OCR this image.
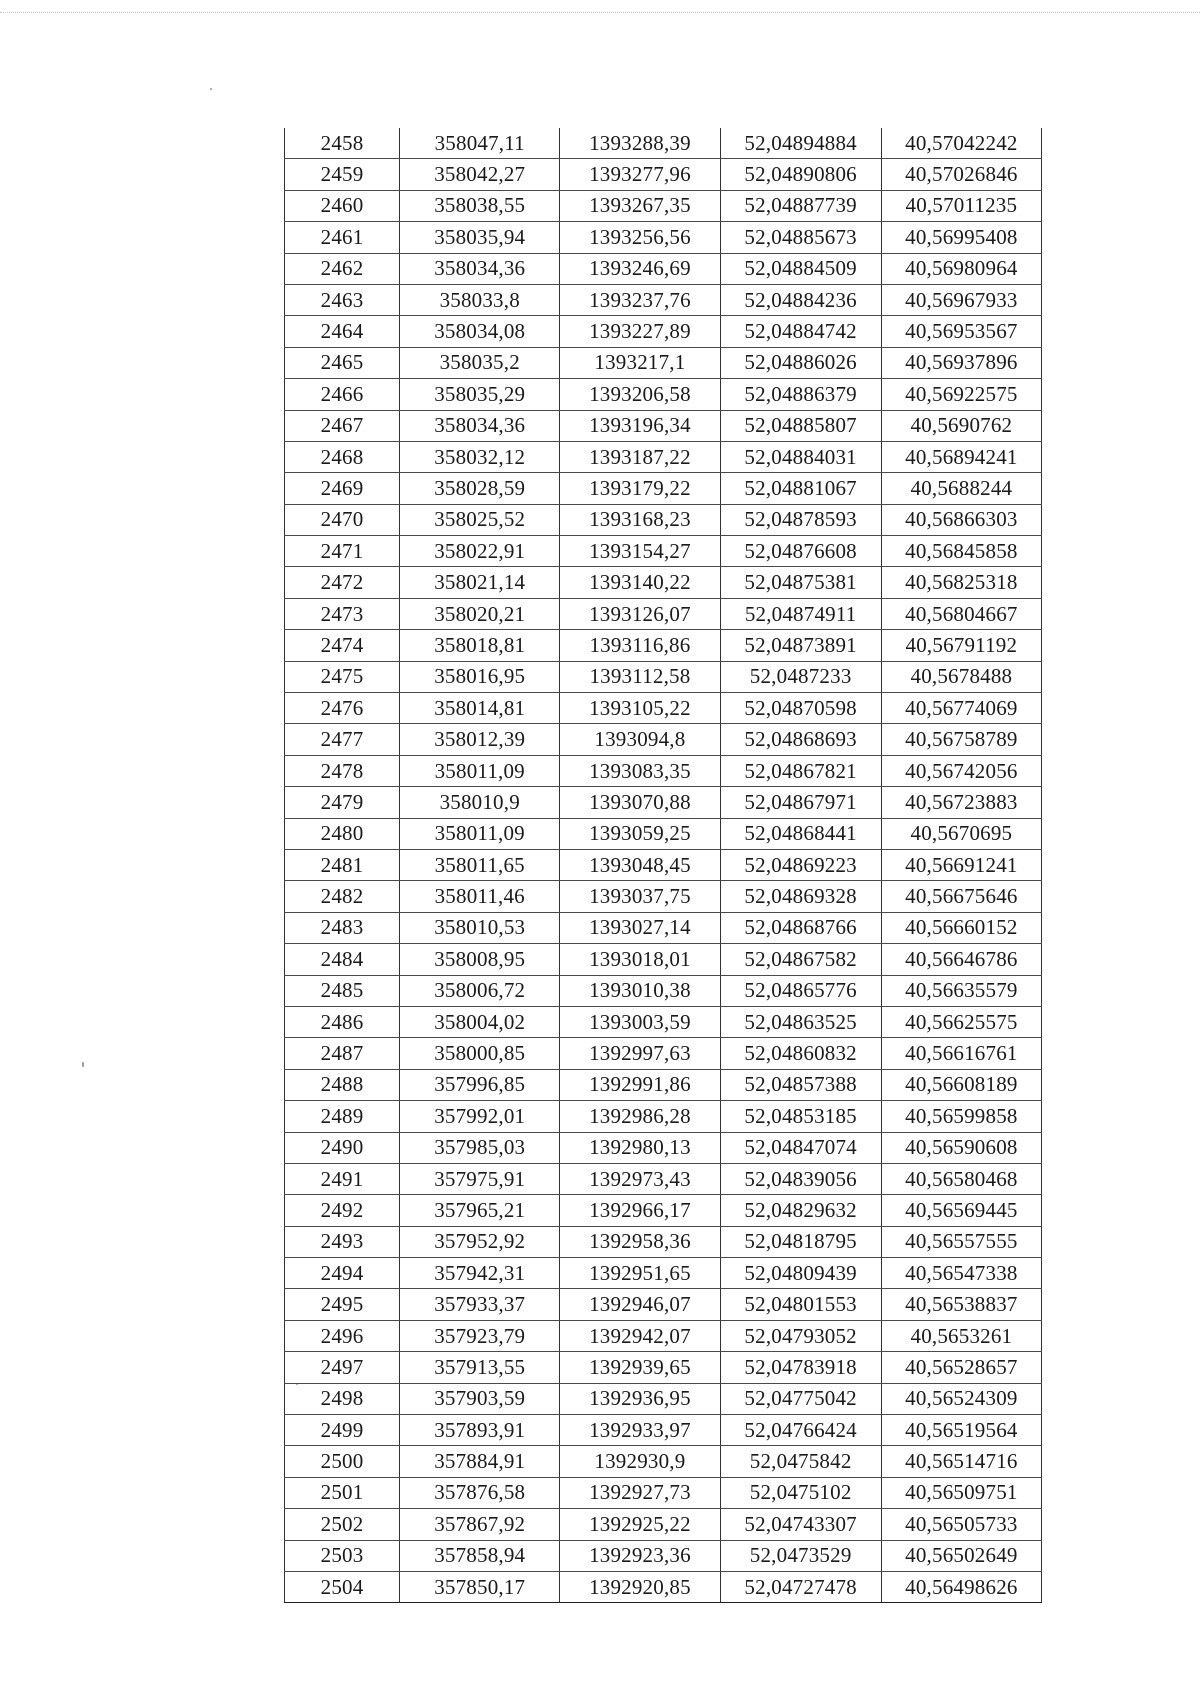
2458	358047,11	1393288,39	52,04894884	40,57042242
2459	358042,27	1393277,96	52,04890806	40,57026846
2460	358038,55	1393267,35	52,04887739	40,57011235
2461	358035,94	1393256,56	52,04885673	40,56995408
2462	358034,36	1393246,69	52,04884509	40,56980964
2463	358033,8	1393237,76	52,04884236	40,56967933
2464	358034,08	1393227,89	52,04884742	40,56953567
2465	358035,2	1393217,1	52,04886026	40,56937896
2466	358035,29	1393206,58	52,04886379	40,56922575
2467	358034,36	1393196,34	52,04885807	40,5690762
2468	358032,12	1393187,22	52,04884031	40,56894241
2469	358028,59	1393179,22	52,04881067	40,5688244
2470	358025,52	1393168,23	52,04878593	40,56866303
2471	358022,91	1393154,27	52,04876608	40,56845858
2472	358021,14	1393140,22	52,04875381	40,56825318
2473	358020,21	1393126,07	52,04874911	40,56804667
2474	358018,81	1393116,86	52,04873891	40,56791192
2475	358016,95	1393112,58	52,0487233	40,5678488
2476	358014,81	1393105,22	52,04870598	40,56774069
2477	358012,39	1393094,8	52,04868693	40,56758789
2478	358011,09	1393083,35	52,04867821	40,56742056
2479	358010,9	1393070,88	52,04867971	40,56723883
2480	358011,09	1393059,25	52,04868441	40,5670695
2481	358011,65	1393048,45	52,04869223	40,56691241
2482	358011,46	1393037,75	52,04869328	40,56675646
2483	358010,53	1393027,14	52,04868766	40,56660152
2484	358008,95	1393018,01	52,04867582	40,56646786
2485	358006,72	1393010,38	52,04865776	40,56635579
2486	358004,02	1393003,59	52,04863525	40,56625575
2487	358000,85	1392997,63	52,04860832	40,56616761
2488	357996,85	1392991,86	52,04857388	40,56608189
2489	357992,01	1392986,28	52,04853185	40,56599858
2490	357985,03	1392980,13	52,04847074	40,56590608
2491	357975,91	1392973,43	52,04839056	40,56580468
2492	357965,21	1392966,17	52,04829632	40,56569445
2493	357952,92	1392958,36	52,04818795	40,56557555
2494	357942,31	1392951,65	52,04809439	40,56547338
2495	357933,37	1392946,07	52,04801553	40,56538837
2496	357923,79	1392942,07	52,04793052	40,5653261
2497	357913,55	1392939,65	52,04783918	40,56528657
2498	357903,59	1392936,95	52,04775042	40,56524309
2499	357893,91	1392933,97	52,04766424	40,56519564
2500	357884,91	1392930,9	52,0475842	40,56514716
2501	357876,58	1392927,73	52,0475102	40,56509751
2502	357867,92	1392925,22	52,04743307	40,56505733
2503	357858,94	1392923,36	52,0473529	40,56502649
2504	357850,17	1392920,85	52,04727478	40,56498626
